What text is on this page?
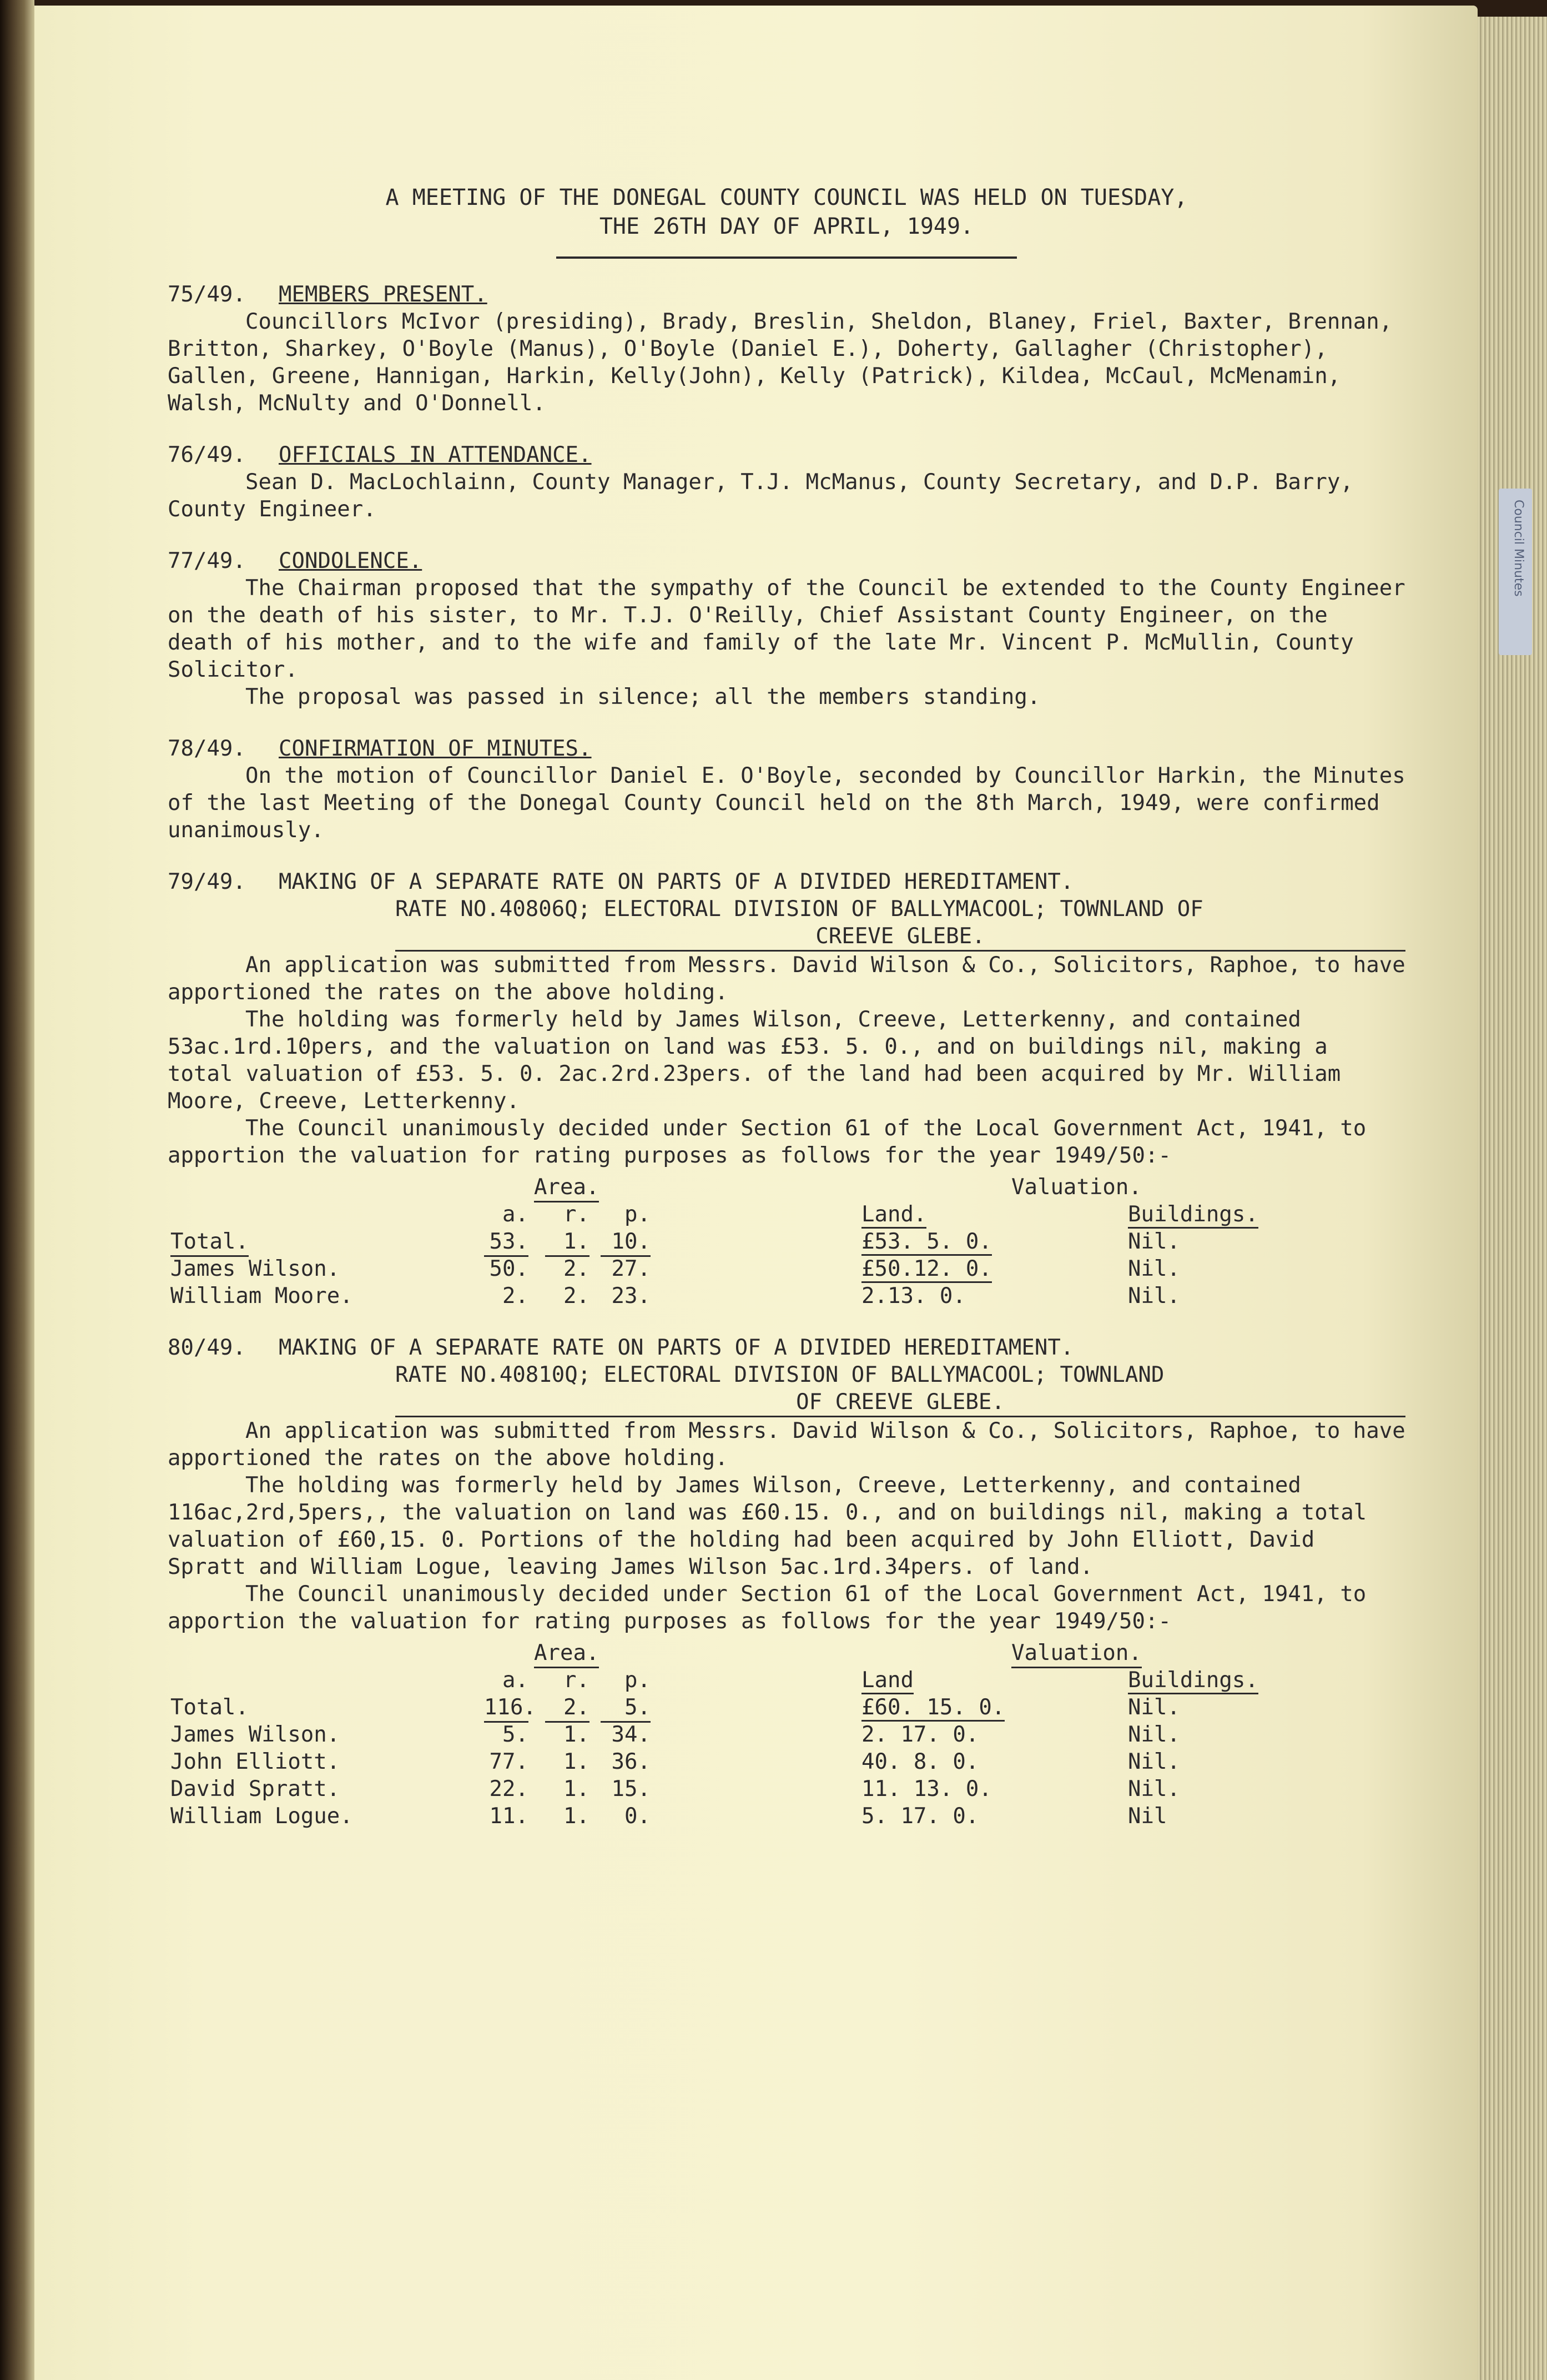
Council Minutes

A MEETING OF THE DONEGAL COUNTY COUNCIL WAS HELD ON TUESDAY,

THE 26TH DAY OF APRIL, 1949.

75/49. MEMBERS PRESENT.

Councillors McIvor (presiding), Brady, Breslin, Sheldon, Blaney, Friel, Baxter, Brennan, Britton, Sharkey, O'Boyle (Manus), O'Boyle (Daniel E.), Doherty, Gallagher (Christopher), Gallen, Greene, Hannigan, Harkin, Kelly(John), Kelly (Patrick), Kildea, McCaul, McMenamin, Walsh, McNulty and O'Donnell.

76/49. OFFICIALS IN ATTENDANCE.

Sean D. MacLochlainn, County Manager, T.J. McManus, County Secretary, and D.P. Barry, County Engineer.

77/49. CONDOLENCE.

The Chairman proposed that the sympathy of the Council be extended to the County Engineer on the death of his sister, to Mr. T.J. O'Reilly, Chief Assistant County Engineer, on the death of his mother, and to the wife and family of the late Mr. Vincent P. McMullin, County Solicitor.

The proposal was passed in silence; all the members standing.

78/49. CONFIRMATION OF MINUTES.

On the motion of Councillor Daniel E. O'Boyle, seconded by Councillor Harkin, the Minutes of the last Meeting of the Donegal County Council held on the 8th March, 1949, were confirmed unanimously.

79/49. MAKING OF A SEPARATE RATE ON PARTS OF A DIVIDED HEREDITAMENT.

RATE NO.40806Q; ELECTORAL DIVISION OF BALLYMACOOL; TOWNLAND OF
CREEVE GLEBE.

An application was submitted from Messrs. David Wilson & Co., Solicitors, Raphoe, to have apportioned the rates on the above holding.

The holding was formerly held by James Wilson, Creeve, Letterkenny, and contained 53ac.1rd.10pers, and the valuation on land was £53. 5. 0., and on buildings nil, making a total valuation of £53. 5. 0. 2ac.2rd.23pers. of the land had been acquired by Mr. William Moore, Creeve, Letterkenny.

The Council unanimously decided under Section 61 of the Local Government Act, 1941, to apportion the valuation for rating purposes as follows for the year 1949/50:-

Area.	Valuation.
a.	r.	p.	Land.	Buildings.
Total.	53.	1.	10.	£53. 5. 0.	Nil.
James Wilson.	50.	2.	27.	£50.12. 0.	Nil.
William Moore.	2.	2.	23.	2.13. 0.	Nil.

80/49. MAKING OF A SEPARATE RATE ON PARTS OF A DIVIDED HEREDITAMENT.

RATE NO.40810Q; ELECTORAL DIVISION OF BALLYMACOOL; TOWNLAND
OF CREEVE GLEBE.

An application was submitted from Messrs. David Wilson & Co., Solicitors, Raphoe, to have apportioned the rates on the above holding.

The holding was formerly held by James Wilson, Creeve, Letterkenny, and contained 116ac,2rd,5pers,, the valuation on land was £60.15. 0., and on buildings nil, making a total valuation of £60,15. 0. Portions of the holding had been acquired by John Elliott, David Spratt and William Logue, leaving James Wilson 5ac.1rd.34pers. of land.

The Council unanimously decided under Section 61 of the Local Government Act, 1941, to apportion the valuation for rating purposes as follows for the year 1949/50:-

Area.	Valuation.
a.	r.	p.	Land	Buildings.
Total.	116.	2.	5.	£60. 15. 0.	Nil.
James Wilson.	5.	1.	34.	2. 17. 0.	Nil.
John Elliott.	77.	1.	36.	40. 8. 0.	Nil.
David Spratt.	22.	1.	15.	11. 13. 0.	Nil.
William Logue.	11.	1.	0.	5. 17. 0.	Nil
